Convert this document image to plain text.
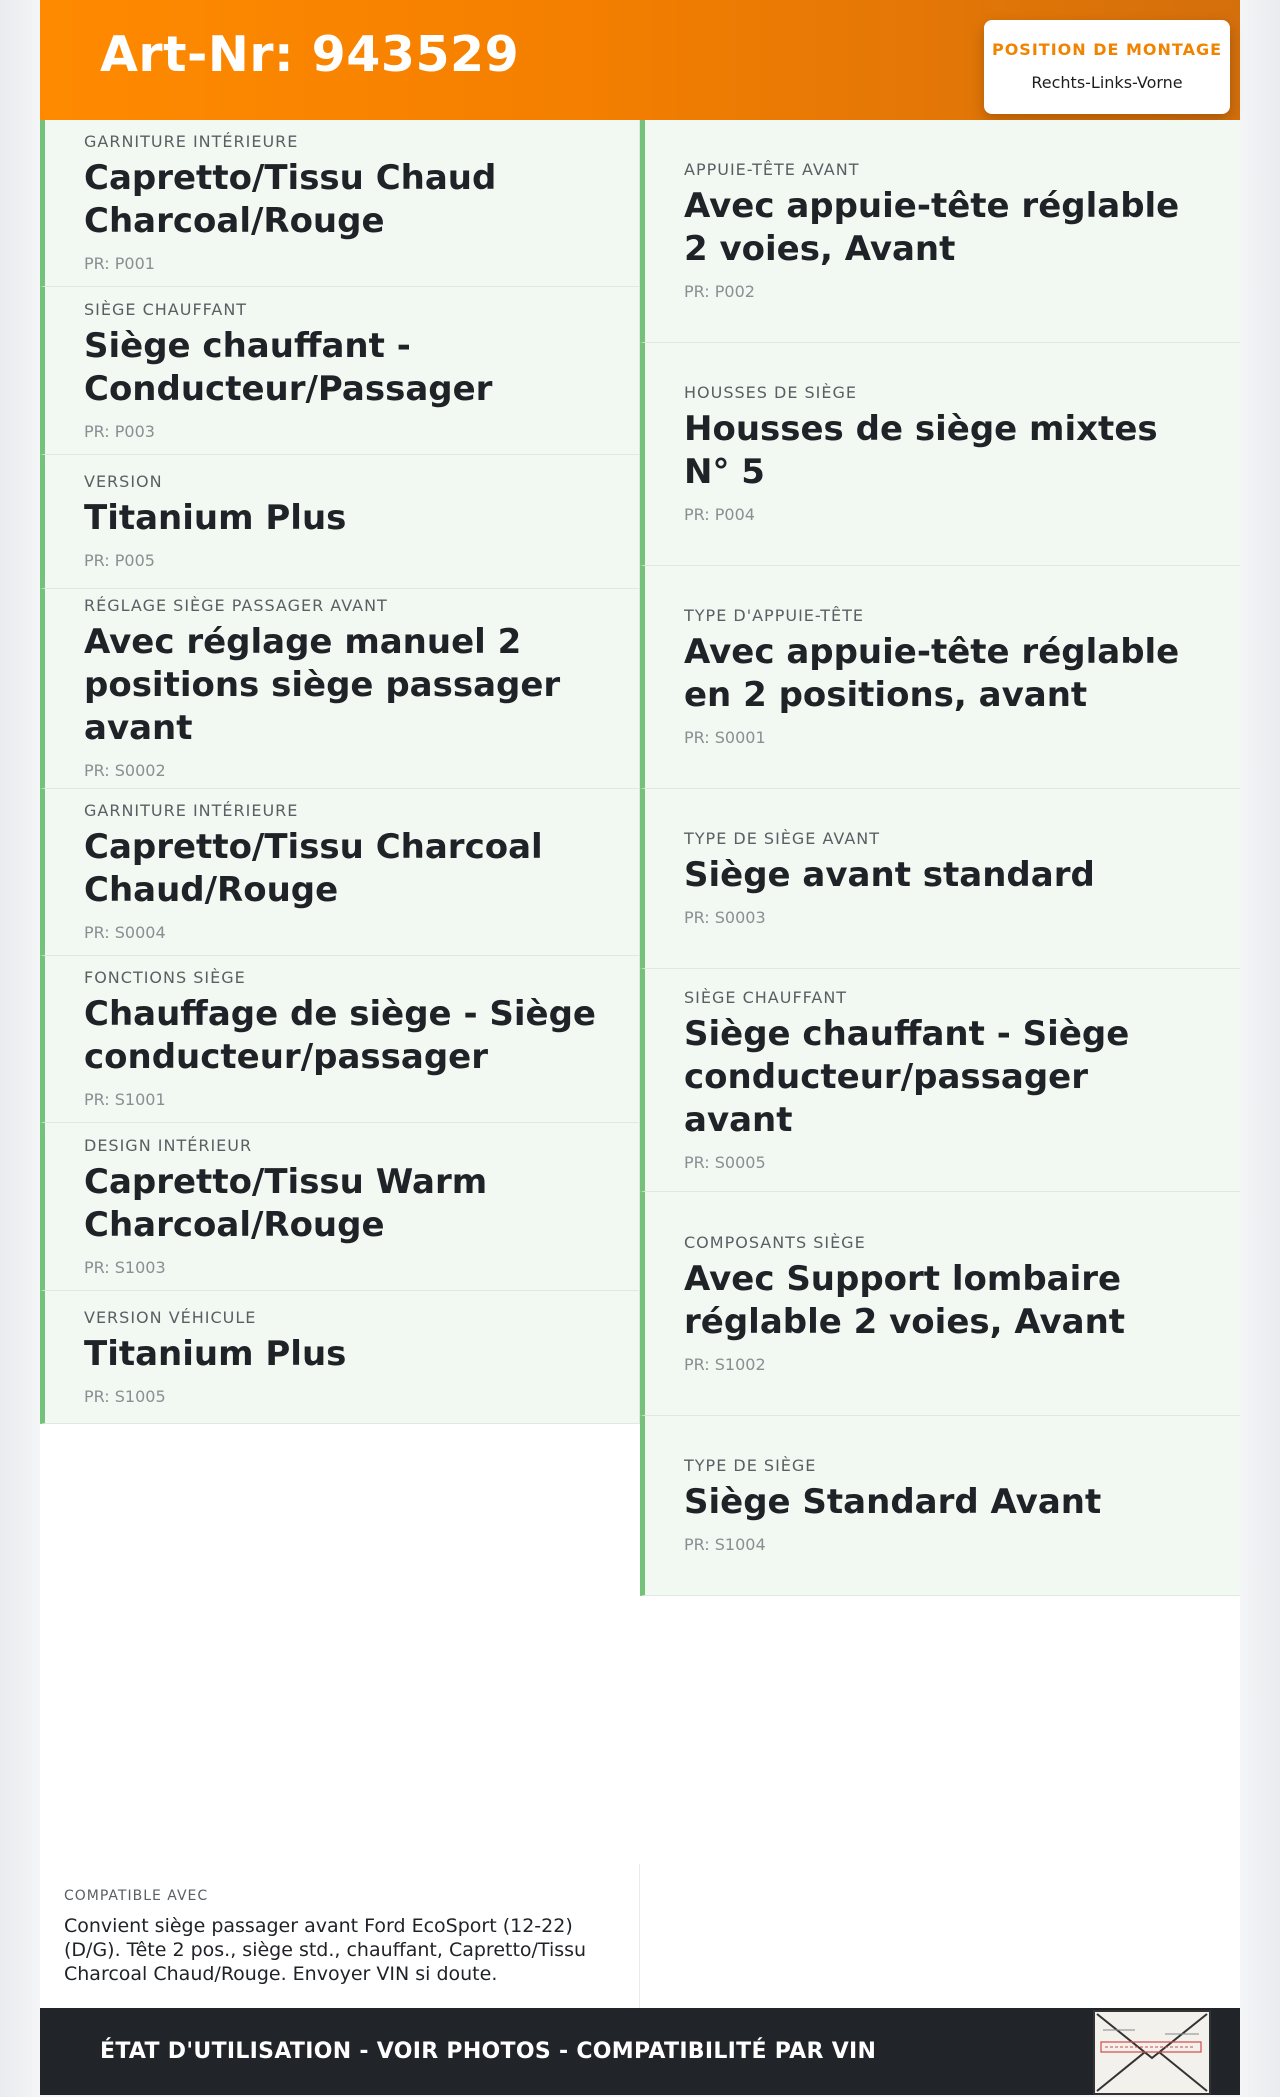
Art-Nr: 943529	POSITION DE MONTAGE
Rechts-Links-Vorne
GARNITURE INTÉRIEURE
Capretto/Tissu Chaud Charcoal/Rouge
PR: P001
SIÈGE CHAUFFANT
Siège chauffant - Conducteur/Passager
PR: P003
VERSION
Titanium Plus
PR: P005
RÉGLAGE SIÈGE PASSAGER AVANT
Avec réglage manuel 2 positions siège passager avant
PR: S0002
GARNITURE INTÉRIEURE
Capretto/Tissu Charcoal Chaud/Rouge
PR: S0004
FONCTIONS SIÈGE
Chauffage de siège - Siège conducteur/passager
PR: S1001
DESIGN INTÉRIEUR
Capretto/Tissu Warm Charcoal/Rouge
PR: S1003
VERSION VÉHICULE
Titanium Plus
PR: S1005
APPUIE-TÊTE AVANT
Avec appuie-tête réglable 2 voies, Avant
PR: P002
HOUSSES DE SIÈGE
Housses de siège mixtes N° 5
PR: P004
TYPE D'APPUIE-TÊTE
Avec appuie-tête réglable en 2 positions, avant
PR: S0001
TYPE DE SIÈGE AVANT
Siège avant standard
PR: S0003
SIÈGE CHAUFFANT
Siège chauffant - Siège conducteur/passager avant
PR: S0005
COMPOSANTS SIÈGE
Avec Support lombaire réglable 2 voies, Avant
PR: S1002
TYPE DE SIÈGE
Siège Standard Avant
PR: S1004
COMPATIBLE AVEC
Convient siège passager avant Ford EcoSport (12-22) (D/G). Tête 2 pos., siège std., chauffant, Capretto/Tissu Charcoal Chaud/Rouge. Envoyer VIN si doute.
ÉTAT D'UTILISATION - VOIR PHOTOS - COMPATIBILITÉ PAR VIN
